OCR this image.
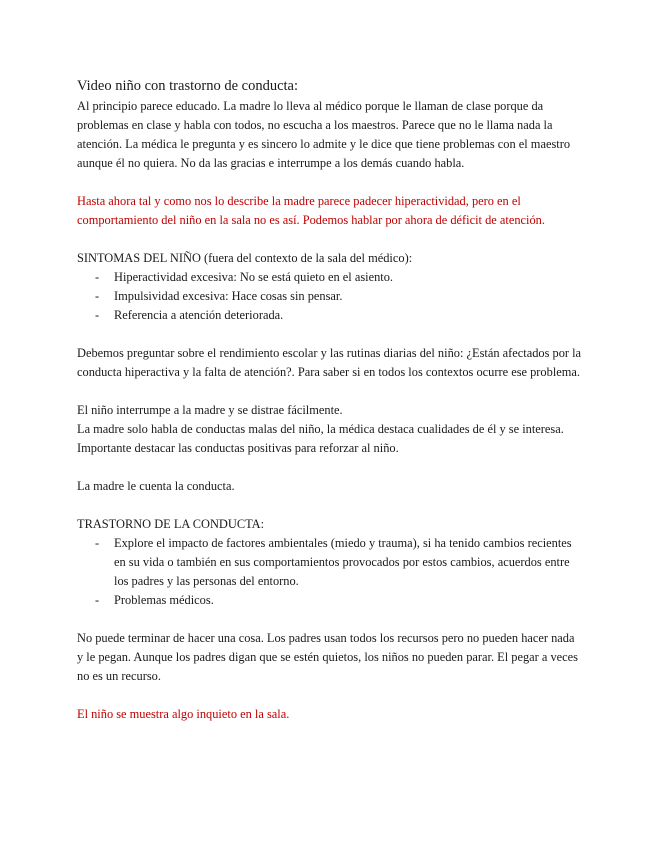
Video niño con trastorno de conducta:

Al principio parece educado. La madre lo lleva al médico porque le llaman de clase porque da problemas en clase y habla con todos, no escucha a los maestros. Parece que no le llama nada la atención. La médica le pregunta y es sincero lo admite y le dice que tiene problemas con el maestro aunque él no quiera. No da las gracias e interrumpe a los demás cuando habla.

Hasta ahora tal y como nos lo describe la madre parece padecer hiperactividad, pero en el comportamiento del niño en la sala no es así. Podemos hablar por ahora de déficit de atención.

SINTOMAS DEL NIÑO (fuera del contexto de la sala del médico):

- Hiperactividad excesiva: No se está quieto en el asiento.
- Impulsividad excesiva: Hace cosas sin pensar.
- Referencia a atención deteriorada.

Debemos preguntar sobre el rendimiento escolar y las rutinas diarias del niño: ¿Están afectados por la conducta hiperactiva y la falta de atención?. Para saber si en todos los contextos ocurre ese problema.

El niño interrumpe a la madre y se distrae fácilmente.

La madre solo habla de conductas malas del niño, la médica destaca cualidades de él y se interesa. Importante destacar las conductas positivas para reforzar al niño.

La madre le cuenta la conducta.

TRASTORNO DE LA CONDUCTA:

- Explore el impacto de factores ambientales (miedo y trauma), si ha tenido cambios recientes en su vida o también en sus comportamientos provocados por estos cambios, acuerdos entre los padres y las personas del entorno.
- Problemas médicos.

No puede terminar de hacer una cosa. Los padres usan todos los recursos pero no pueden hacer nada y le pegan. Aunque los padres digan que se estén quietos, los niños no pueden parar. El pegar a veces no es un recurso.

El niño se muestra algo inquieto en la sala.
